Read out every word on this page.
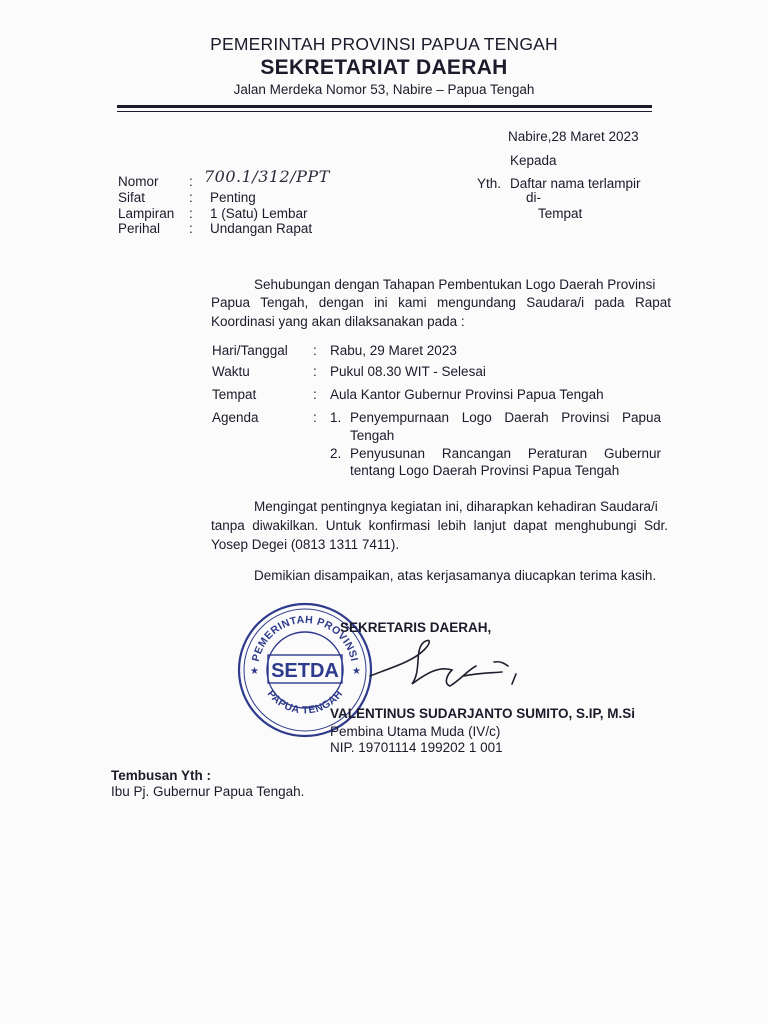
PEMERINTAH PROVINSI PAPUA TENGAH
SEKRETARIAT DAERAH
Jalan Merdeka Nomor 53, Nabire – Papua Tengah
Nabire,28 Maret 2023
Kepada
Yth. Daftar nama terlampir
di-
Tempat
Nomor : 700.1/312/PPT
Sifat	: Penting
Lampiran : 1 (Satu) Lembar
Perihal : Undangan Rapat
Sehubungan dengan Tahapan Pembentukan Logo Daerah Provinsi
Papua Tengah, dengan ini kami mengundang Saudara/i pada Rapat
Koordinasi yang akan dilaksanakan pada :
Hari/Tanggal : Rabu, 29 Maret 2023
Waktu	: Pukul 08.30 WIT - Selesai
Tempat	: Aula Kantor Gubernur Provinsi Papua Tengah
Agenda	: 1. Penyempurnaan Logo Daerah Provinsi Papua
Tengah
2. Penyusunan Rancangan Peraturan Gubernur
tentang Logo Daerah Provinsi Papua Tengah
Mengingat pentingnya kegiatan ini, diharapkan kehadiran Saudara/i
tanpa diwakilkan. Untuk konfirmasi lebih lanjut dapat menghubungi Sdr.
Yosep Degei (0813 1311 7411).
Demikian disampaikan, atas kerjasamanya diucapkan terima kasih.
PEMERINTAH PROVINSI
PAPUA TENGAH
★	★
SETDA
SEKRETARIS DAERAH,
VALENTINUS SUDARJANTO SUMITO, S.IP, M.Si
Pembina Utama Muda (IV/c)
NIP. 19701114 199202 1 001
Tembusan Yth :
Ibu Pj. Gubernur Papua Tengah.
